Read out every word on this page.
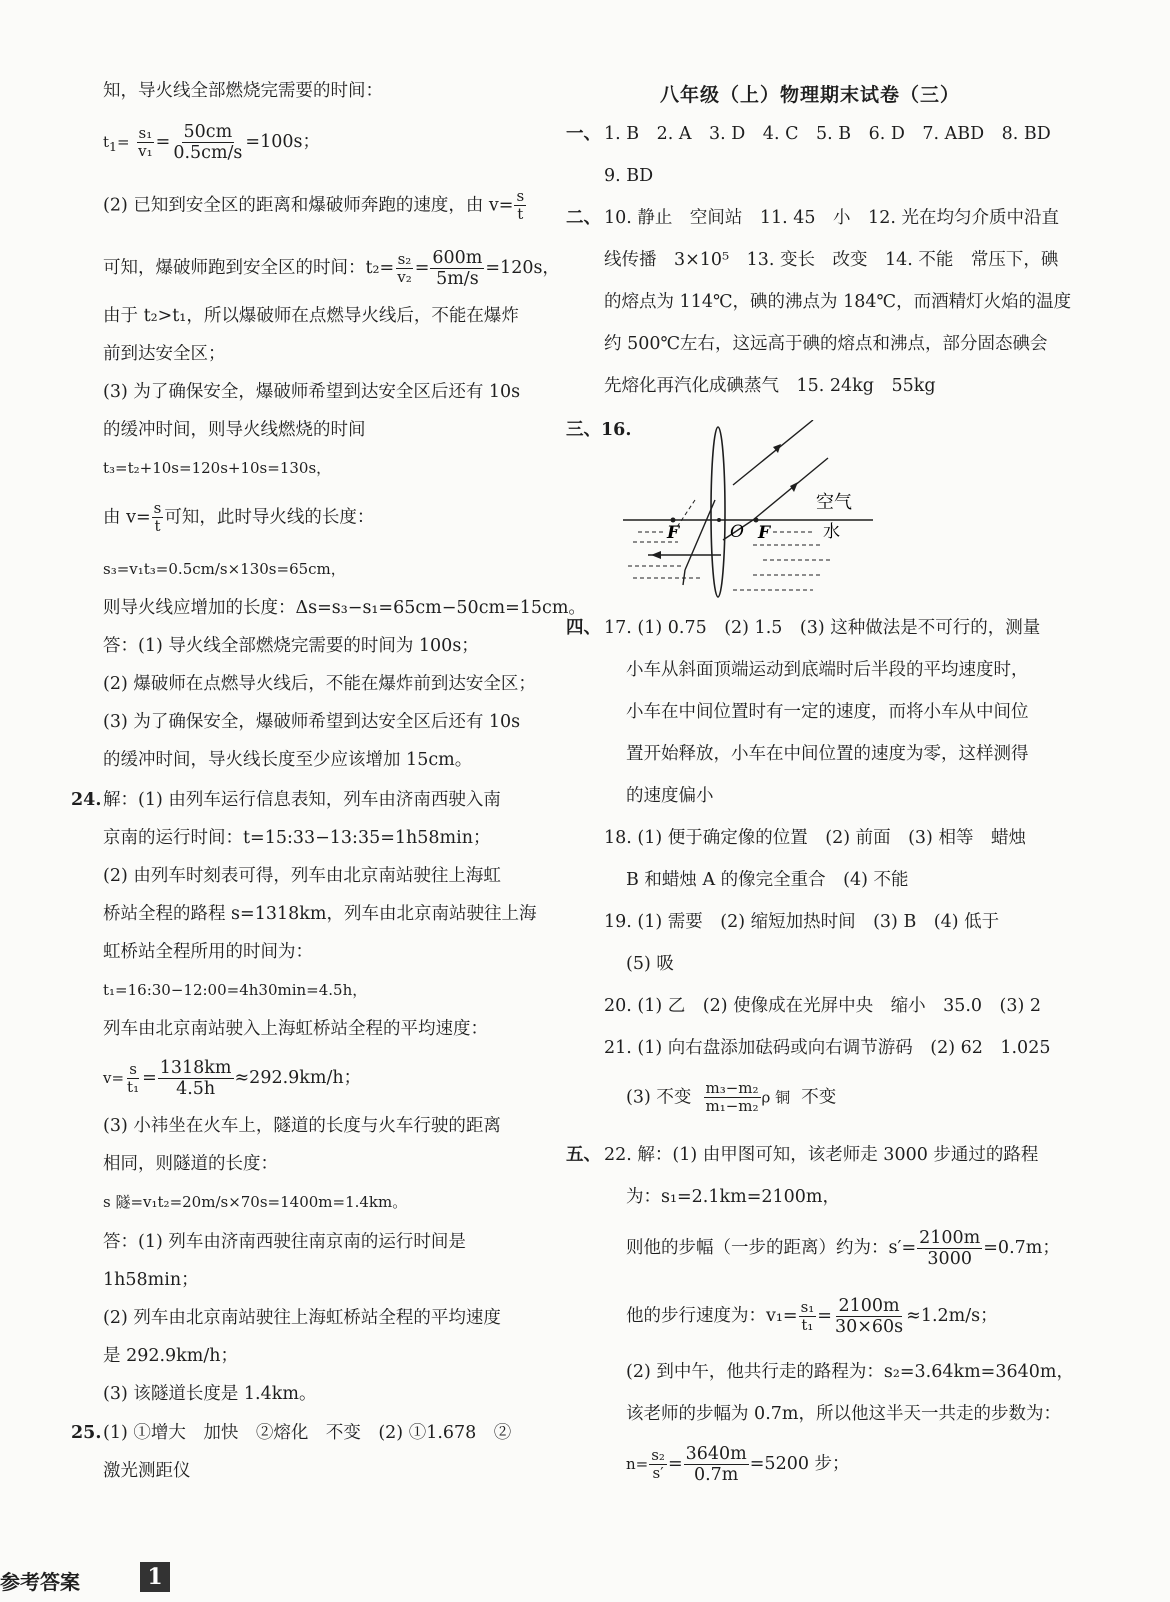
知，导火线全部燃烧完需要的时间：
$t_1= \frac{\text{s₁}}{\text{v₁}} = \frac{50cm}{0.5cm/s} =100s$；
(2) 已知到安全区的距离和爆破师奔跑的速度，由 $v= \frac{s}{t}$
可知，爆破师跑到安全区的时间：$t_2= \frac{\text{s₂}}{\text{v₂}} = \frac{600m}{5m/s} =120s$，
由于 t₂>t₁，所以爆破师在点燃导火线后，不能在爆炸
前到达安全区；
(3) 为了确保安全，爆破师希望到达安全区后还有 10s
的缓冲时间，则导火线燃烧的时间
t₃=t₂+10s=120s+10s=130s，
由 $v= \frac{s}{t}$ 可知，此时导火线的长度：
s₃=v₁t₃=0.5cm/s×130s=65cm，
则导火线应增加的长度：Δs=s₃−s₁=65cm−50cm=15cm。
答：(1) 导火线全部燃烧完需要的时间为 100s；
(2) 爆破师在点燃导火线后，不能在爆炸前到达安全区；
(3) 为了确保安全，爆破师希望到达安全区后还有 10s
的缓冲时间，导火线长度至少应该增加 15cm。
24. 解：(1) 由列车运行信息表知，列车由济南西驶入南
京南的运行时间：t=15:33−13:35=1h58min；
(2) 由列车时刻表可得，列车由北京南站驶往上海虹
桥站全程的路程 s=1318km，列车由北京南站驶往上海
虹桥站全程所用的时间为：
t₁=16:30−12:00=4h30min=4.5h，
列车由北京南站驶入上海虹桥站全程的平均速度：
$v= \frac{s}{\text{t₁}} = \frac{1318km}{4.5h} \approx 292.9km/h$；
(3) 小祎坐在火车上，隧道的长度与火车行驶的距离
相同，则隧道的长度：
s 隧=v₁t₂=20m/s×70s=1400m=1.4km。
答：(1) 列车由济南西驶往南京南的运行时间是
1h58min；
(2) 列车由北京南站驶往上海虹桥站全程的平均速度
是 292.9km/h；
(3) 该隧道长度是 1.4km。
25. (1) ①增大　加快　②熔化　不变　(2) ①1.678　②
激光测距仪
八年级（上）物理期末试卷（三）
一、 1. B　2. A　3. D　4. C　5. B　6. D　7. ABD　8. BD
9. BD
二、 10. 静止　空间站　11. 45　小　12. 光在均匀介质中沿直
线传播　3×10⁵　13. 变长　改变　14. 不能　常压下，碘
的熔点为 114℃，碘的沸点为 184℃，而酒精灯火焰的温度
约 500℃左右，这远高于碘的熔点和沸点，部分固态碘会
先熔化再汽化成碘蒸气　15. 24kg　55kg
三、16.
F	O F
空气
水
四、 17. (1) 0.75　(2) 1.5　(3) 这种做法是不可行的，测量
小车从斜面顶端运动到底端时后半段的平均速度时，
小车在中间位置时有一定的速度，而将小车从中间位
置开始释放，小车在中间位置的速度为零，这样测得
的速度偏小
18. (1) 便于确定像的位置　(2) 前面　(3) 相等　蜡烛
B 和蜡烛 A 的像完全重合　(4) 不能
19. (1) 需要　(2) 缩短加热时间　(3) B　(4) 低于
(5) 吸
20. (1) 乙　(2) 使像成在光屏中央　缩小　35.0　(3) 2
21. (1) 向右盘添加砝码或向右调节游码　(2) 62　1.025
(3) 不变 $\frac{\text{m₃−m₂}}{\text{m₁−m₂}}$ ρ 铜 不变
五、 22. 解：(1) 由甲图可知，该老师走 3000 步通过的路程
为：s₁=2.1km=2100m，
则他的步幅（一步的距离）约为：$s'= \frac{2100m}{3000} =0.7m$；
他的步行速度为：$v_1= \frac{\text{s₁}}{\text{t₁}} = \frac{2100m}{30\times 60s} \approx 1.2m/s$；
(2) 到中午，他共行走的路程为：s₂=3.64km=3640m，
该老师的步幅为 0.7m，所以他这半天一共走的步数为：
$n= \frac{\text{s₂}}{s'} = \frac{3640m}{0.7m} =5200$ 步；
参考答案	1
